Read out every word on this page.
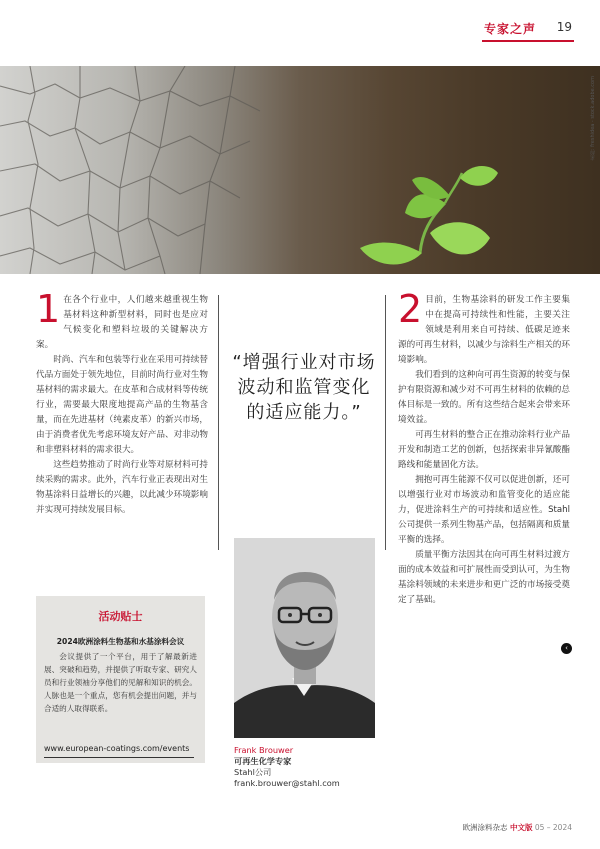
专家之声 19
来源: freshidea - stock.adobe.com

1 在各个行业中，人们越来越重视生物基材料这种新型材料，同时也是应对气候变化和塑料垃圾的关键解决方案。

时尚、汽车和包装等行业在采用可持续替代品方面处于领先地位，目前时尚行业对生物基材料的需求最大。在皮革和合成材料等传统行业，需要最大限度地提高产品的生物基含量，而在先进基材（纯素皮革）的新兴市场，由于消费者优先考虑环境友好产品、对非动物和非塑料材料的需求很大。

这些趋势推动了时尚行业等对原材料可持续采购的需求。此外，汽车行业正表现出对生物基涂料日益增长的兴趣，以此减少环境影响并实现可持续发展目标。

“增强行业对市场波动和监管变化的适应能力。”
Frank Brouwer
可再生化学专家
Stahl公司
frank.brouwer@stahl.com
活动贴士
2024欧洲涂料生物基和水基涂料会议

会议提供了一个平台，用于了解最新进展、突破和趋势，并提供了听取专家、研究人员和行业领袖分享他们的见解和知识的机会。人脉也是一个重点，您有机会提出问题，并与合适的人取得联系。

www.european-coatings.com/events

2 目前，生物基涂料的研发工作主要集中在提高可持续性和性能，主要关注领域是利用来自可持续、低碳足迹来源的可再生材料，以减少与涂料生产相关的环境影响。

我们看到的这种向可再生资源的转变与保护有限资源和减少对不可再生材料的依赖的总体目标是一致的。所有这些结合起来会带来环境效益。

可再生材料的整合正在推动涂料行业产品开发和制造工艺的创新，包括探索非异氰酸酯路线和能量固化方法。

拥抱可再生能源不仅可以促进创新，还可以增强行业对市场波动和监管变化的适应能力，促进涂料生产的可持续和适应性。Stahl公司提供一系列生物基产品，包括隔离和质量平衡的选择。

质量平衡方法因其在向可再生材料过渡方面的成本效益和可扩展性而受到认可，为生物基涂料领域的未来进步和更广泛的市场接受奠定了基础。

‹
欧洲涂料杂志 中文版 05 – 2024
